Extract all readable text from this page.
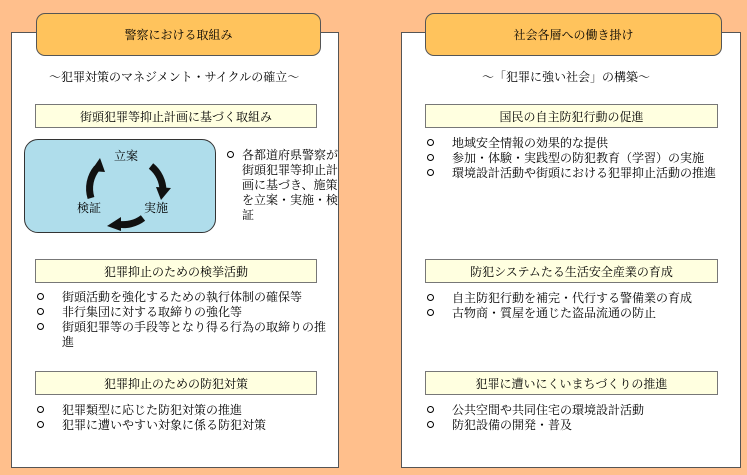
警察における取組み
～犯罪対策のマネジメント・サイクルの確立～
街頭犯罪等抑止計画に基づく取組み
立案
実施
検証
各都道府県警察が街頭犯罪等抑止計画に基づき、施策を立案・実施・検証
犯罪抑止のための検挙活動
街頭活動を強化するための執行体制の確保等
非行集団に対する取締りの強化等
街頭犯罪等の手段等となり得る行為の取締りの推進
犯罪抑止のための防犯対策
犯罪類型に応じた防犯対策の推進
犯罪に遭いやすい対象に係る防犯対策
社会各層への働き掛け
～「犯罪に強い社会」の構築～
国民の自主防犯行動の促進
地域安全情報の効果的な提供
参加・体験・実践型の防犯教育（学習）の実施
環境設計活動や街頭における犯罪抑止活動の推進
防犯システムたる生活安全産業の育成
自主防犯行動を補完・代行する警備業の育成
古物商・質屋を通じた盗品流通の防止
犯罪に遭いにくいまちづくりの推進
公共空間や共同住宅の環境設計活動
防犯設備の開発・普及
